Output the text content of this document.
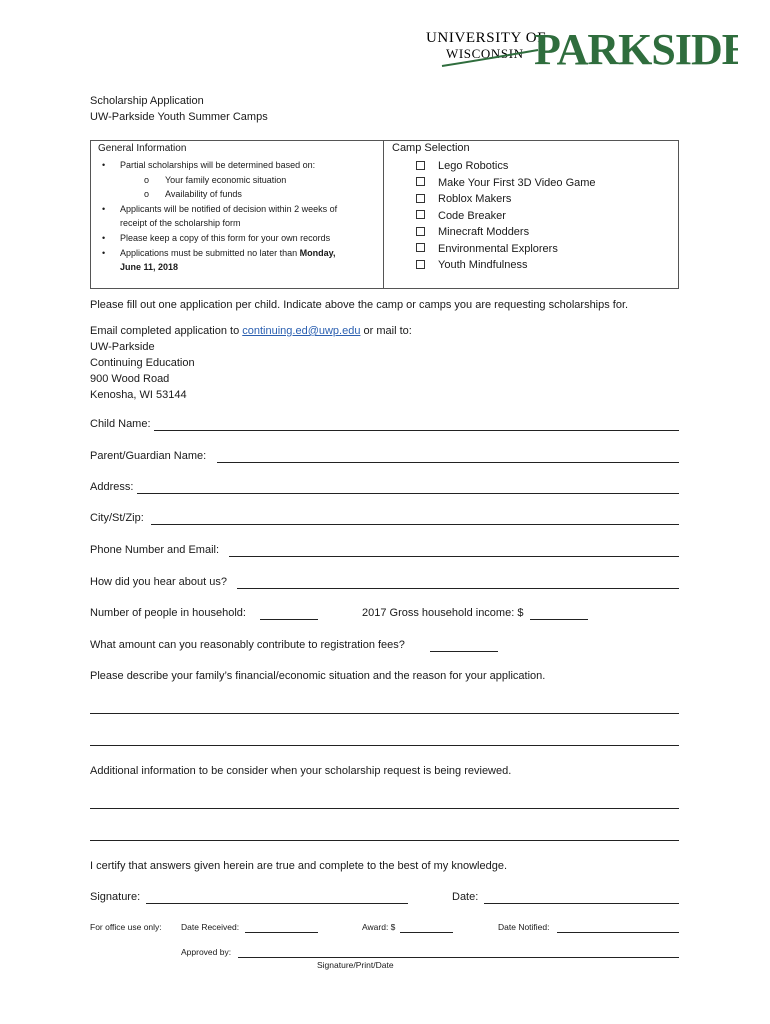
UNIVERSITY OF
WISCONSIN PARKSIDE
Scholarship Application
UW-Parkside Youth Summer Camps
General Information
• Partial scholarships will be determined based on:
o Your family economic situation
o Availability of funds
• Applicants will be notified of decision within 2 weeks of
receipt of the scholarship form
• Please keep a copy of this form for your own records
• Applications must be submitted no later than Monday,
June 11, 2018
Camp Selection
Lego Robotics
Make Your First 3D Video Game
Roblox Makers
Code Breaker
Minecraft Modders
Environmental Explorers
Youth Mindfulness
Please fill out one application per child. Indicate above the camp or camps you are requesting scholarships for.
Email completed application to continuing.ed@uwp.edu or mail to:
UW-Parkside
Continuing Education
900 Wood Road
Kenosha, WI 53144
Child Name:
Parent/Guardian Name:
Address:
City/St/Zip:
Phone Number and Email:
How did you hear about us?
Number of people in household:	2017 Gross household income: $
What amount can you reasonably contribute to registration fees?
Please describe your family’s financial/economic situation and the reason for your application.
Additional information to be consider when your scholarship request is being reviewed.
I certify that answers given herein are true and complete to the best of my knowledge.
Signature:	Date:
For office use only: Date Received:	Award: $	Date Notified:
Approved by:
Signature/Print/Date
